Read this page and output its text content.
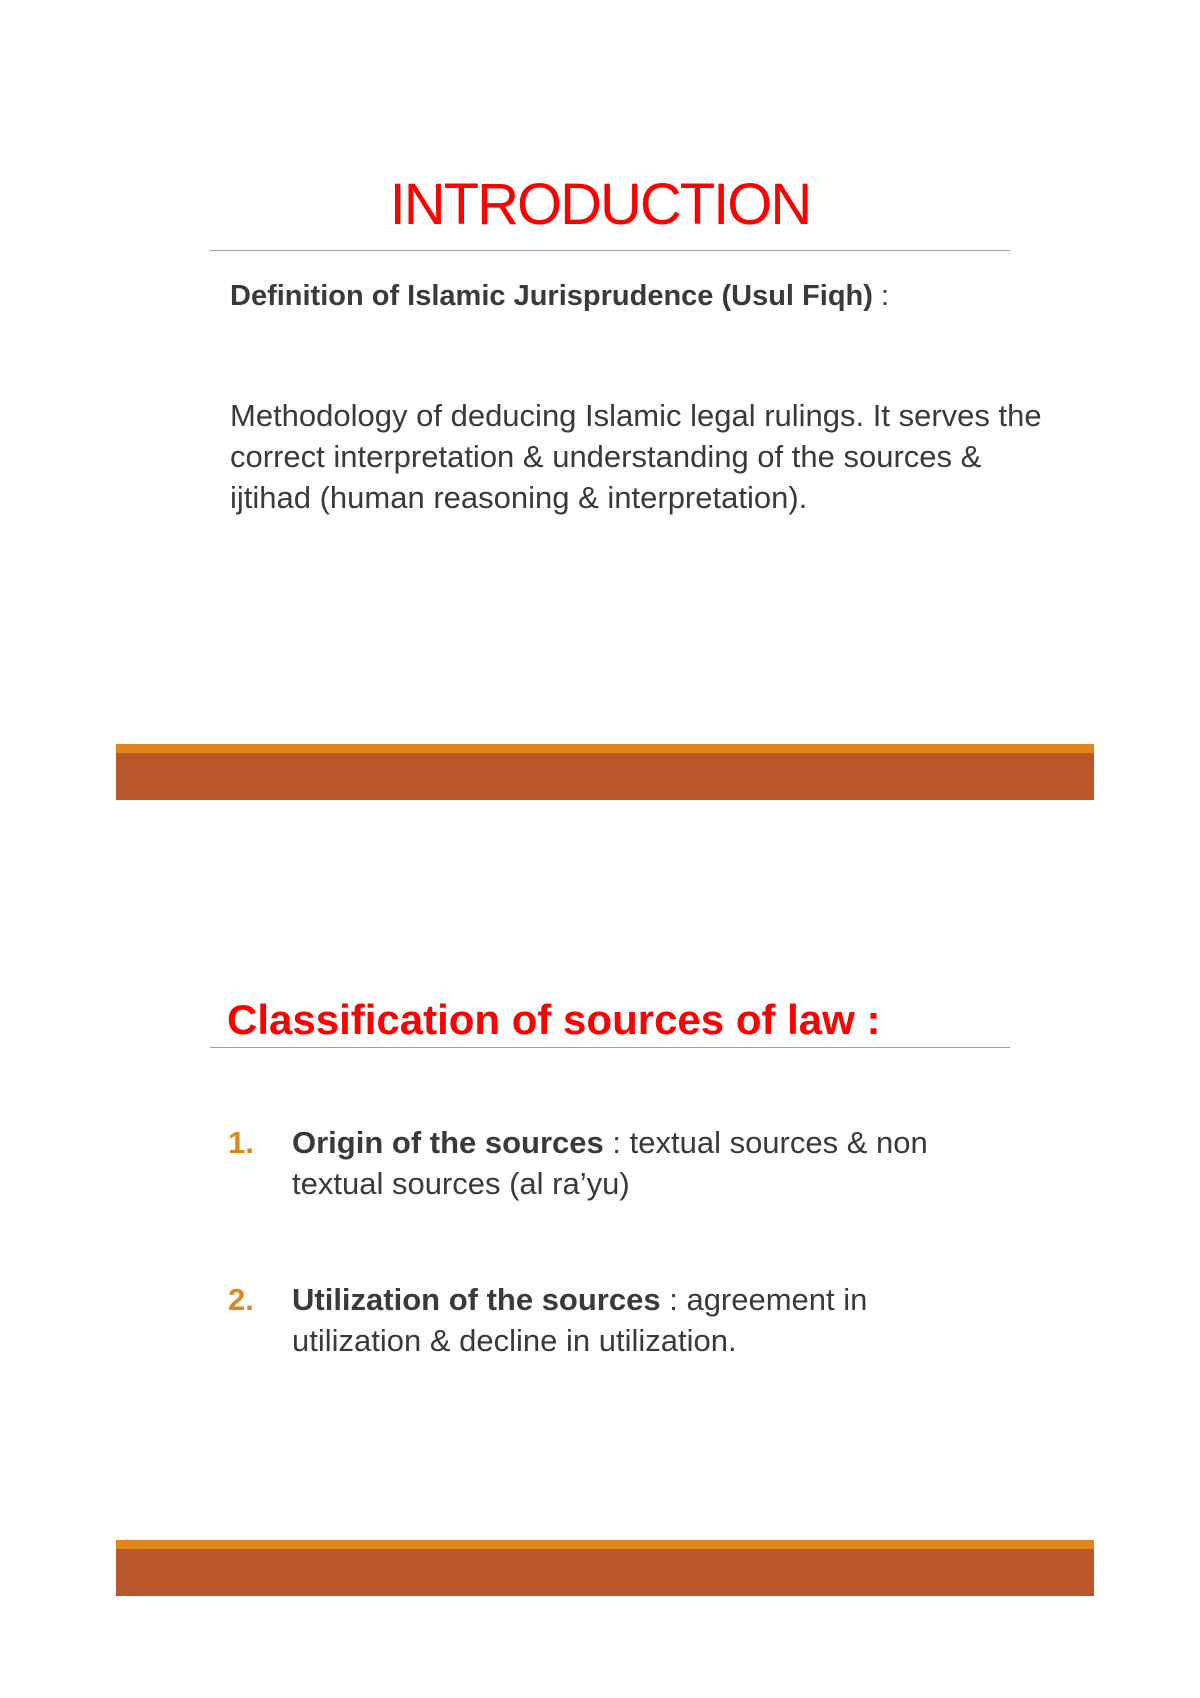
INTRODUCTION

Definition of Islamic Jurisprudence (Usul Fiqh) :

Methodology of deducing Islamic legal rulings. It serves the correct interpretation & understanding of the sources & ijtihad (human reasoning & interpretation).

Classification of sources of law :
1. Origin of the sources : textual sources & non textual sources (al ra’yu)
2. Utilization of the sources : agreement in utilization & decline in utilization.
